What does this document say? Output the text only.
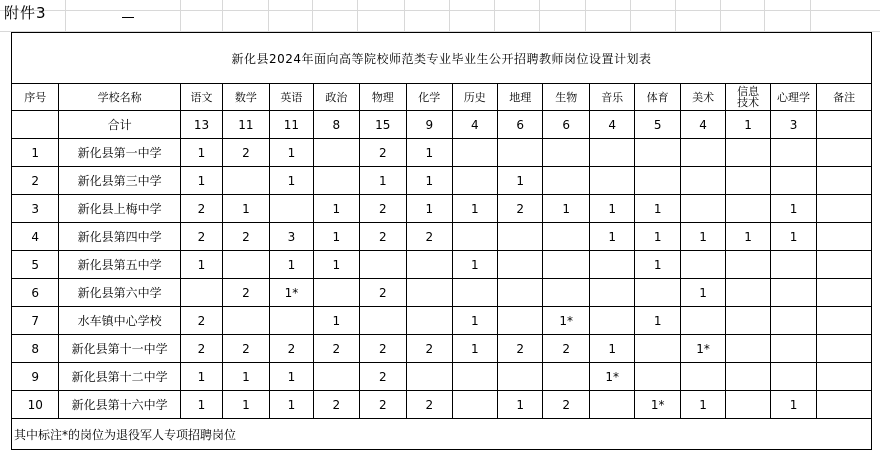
附件3
新化县2024年面向高等院校师范类专业毕业生公开招聘教师岗位设置计划表																
序号	学校名称	语文	数学	英语	政治	物理	化学	历史	地理	生物	音乐	体育	美术	信息技术	心理学	备注
	合计	13	11	11	8	15	9	4	6	6	4	5	4	1	3	
1	新化县第一中学	1	2	1		2	1									
2	新化县第三中学	1		1		1	1		1							
3	新化县上梅中学	2	1		1	2	1	1	2	1	1	1			1	
4	新化县第四中学	2	2	3	1	2	2				1	1	1	1	1	
5	新化县第五中学	1		1	1			1				1				
6	新化县第六中学		2	1*		2							1			
7	水车镇中心学校	2			1			1		1*		1				
8	新化县第十一中学	2	2	2	2	2	2	1	2	2	1		1*			
9	新化县第十二中学	1	1	1		2					1*					
10	新化县第十六中学	1	1	1	2	2	2		1	2		1*	1		1	
其中标注*的岗位为退役军人专项招聘岗位																
